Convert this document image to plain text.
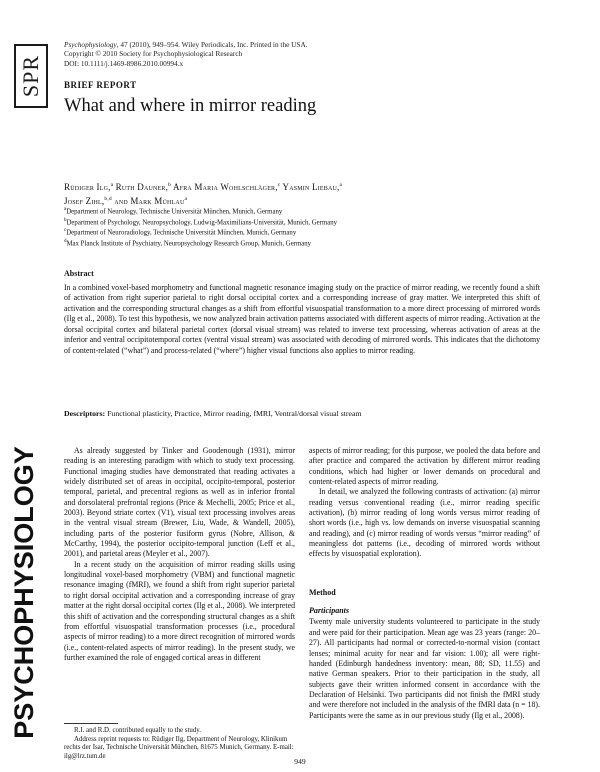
SPR
PSYCHOPHYSIOLOGY
Psychophysiology, 47 (2010), 949–954. Wiley Periodicals, Inc. Printed in the USA.
Copyright © 2010 Society for Psychophysiological Research
DOI: 10.1111/j.1469-8986.2010.00994.x
BRIEF REPORT
What and where in mirror reading
Rüdiger Ilg,$^a$ Ruth Dauner,$^b$ Afra Maria Wohlschläger,$^c$ Yasmin Liebau,$^a$
Josef Zihl,$^{b,d}$ and Mark Mühlau$^a$
$^a$Department of Neurology, Technische Universität München, Munich, Germany
$^b$Department of Psychology, Neuropsychology, Ludwig-Maximilians-Universität, Munich, Germany
$^c$Department of Neuroradiology, Technische Universität München, Munich, Germany
$^d$Max Planck Institute of Psychiatry, Neuropsychology Research Group, Munich, Germany
Abstract

In a combined voxel-based morphometry and functional magnetic resonance imaging study on the practice of mirror reading, we recently found a shift of activation from right superior parietal to right dorsal occipital cortex and a corresponding increase of gray matter. We interpreted this shift of activation and the corresponding structural changes as a shift from effortful visuospatial transformation to a more direct processing of mirrored words (Ilg et al., 2008). To test this hypothesis, we now analyzed brain activation patterns associated with different aspects of mirror reading. Activation at the dorsal occipital cortex and bilateral parietal cortex (dorsal visual stream) was related to inverse text processing, whereas activation of areas at the inferior and ventral occipitotemporal cortex (ventral visual stream) was associated with decoding of mirrored words. This indicates that the dichotomy of content-related (“what”) and process-related (“where”) higher visual functions also applies to mirror reading.

Descriptors: Functional plasticity, Practice, Mirror reading, fMRI, Ventral/dorsal visual stream

As already suggested by Tinker and Goodenough (1931), mirror reading is an interesting paradigm with which to study text processing. Functional imaging studies have demonstrated that reading activates a widely distributed set of areas in occipital, occipito-temporal, posterior temporal, parietal, and precentral regions as well as in inferior frontal and dorsolateral prefrontal regions (Price & Mechelli, 2005; Price et al., 2003). Beyond striate cortex (V1), visual text processing involves areas in the ventral visual stream (Brewer, Liu, Wade, & Wandell, 2005), including parts of the posterior fusiform gyrus (Nobre, Allison, & McCarthy, 1994), the posterior occipito-temporal junction (Leff et al., 2001), and parietal areas (Meyler et al., 2007).

In a recent study on the acquisition of mirror reading skills using longitudinal voxel-based morphometry (VBM) and functional magnetic resonance imaging (fMRI), we found a shift from right superior parietal to right dorsal occipital activation and a corresponding increase of gray matter at the right dorsal occipital cortex (Ilg et al., 2008). We interpreted this shift of activation and the corresponding structural changes as a shift from effortful visuospatial transformation processes (i.e., procedural aspects of mirror reading) to a more direct recognition of mirrored words (i.e., content-related aspects of mirror reading). In the present study, we further examined the role of engaged cortical areas in different

aspects of mirror reading; for this purpose, we pooled the data before and after practice and compared the activation by different mirror reading conditions, which had higher or lower demands on procedural and content-related aspects of mirror reading.

In detail, we analyzed the following contrasts of activation: (a) mirror reading versus conventional reading (i.e., mirror reading specific activation), (b) mirror reading of long words versus mirror reading of short words (i.e., high vs. low demands on inverse visuospatial scanning and reading), and (c) mirror reading of words versus “mirror reading” of meaningless dot patterns (i.e., decoding of mirrored words without effects by visuospatial exploration).

Method
Participants

Twenty male university students volunteered to participate in the study and were paid for their participation. Mean age was 23 years (range: 20–27). All participants had normal or corrected-to-normal vision (contact lenses; minimal acuity for near and far vision: 1.00); all were right-handed (Edinburgh handedness inventory: mean, 88; SD, 11.55) and native German speakers. Prior to their participation in the study, all subjects gave their written informed consent in accordance with the Declaration of Helsinki. Two participants did not finish the fMRI study and were therefore not included in the analysis of the fMRI data (n = 18). Participants were the same as in our previous study (Ilg et al., 2008).

R.I. and R.D. contributed equally to the study.

Address reprint requests to: Rüdiger Ilg, Department of Neurology, Klinikum rechts der Isar, Technische Universität München, 81675 Munich, Germany. E-mail: ilg@lrz.tum.de

949
